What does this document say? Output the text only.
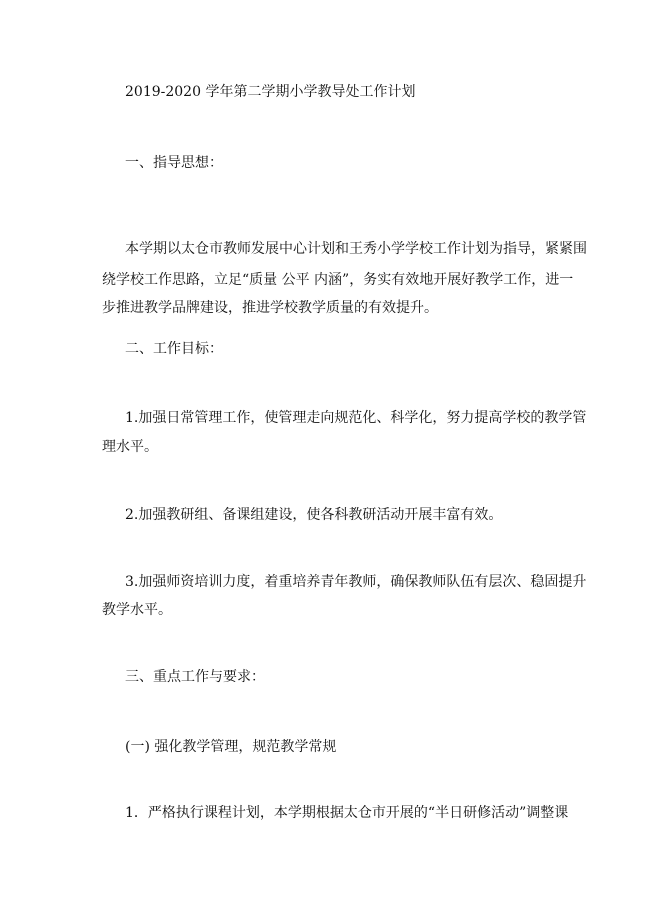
2019-2020 学年第二学期小学教导处工作计划
一、指导思想：
本学期以太仓市教师发展中心计划和王秀小学学校工作计划为指导，紧紧围
绕学校工作思路，立足“质量 公平 内涵”，务实有效地开展好教学工作，进一
步推进教学品牌建设，推进学校教学质量的有效提升。
二、工作目标：
1.加强日常管理工作，使管理走向规范化、科学化，努力提高学校的教学管
理水平。
2.加强教研组、备课组建设，使各科教研活动开展丰富有效。
3.加强师资培训力度，着重培养青年教师，确保教师队伍有层次、稳固提升
教学水平。
三、重点工作与要求：
(一) 强化教学管理，规范教学常规
1．严格执行课程计划，本学期根据太仓市开展的“半日研修活动”调整课
